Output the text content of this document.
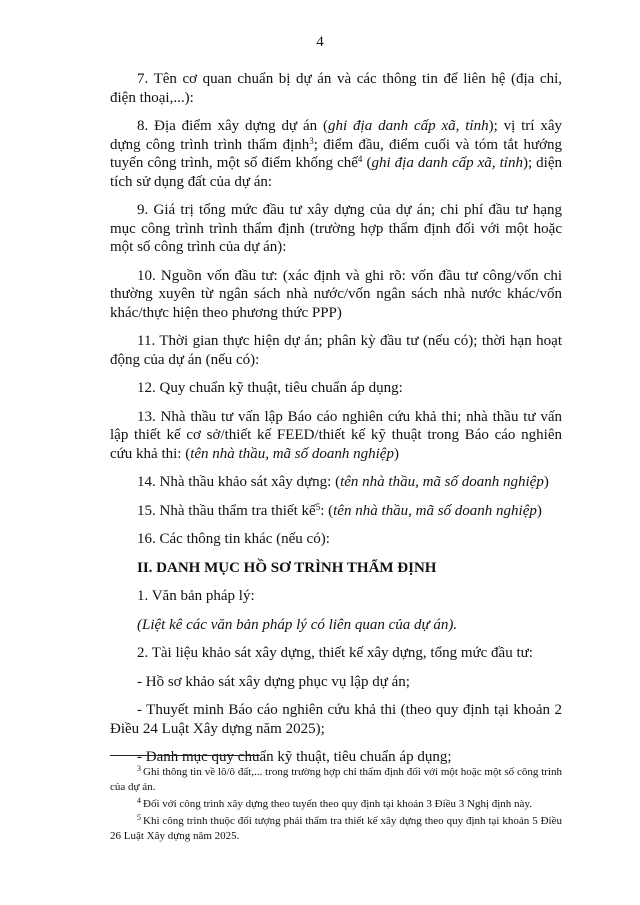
4

7. Tên cơ quan chuẩn bị dự án và các thông tin để liên hệ (địa chỉ, điện thoại,...):

8. Địa điểm xây dựng dự án (ghi địa danh cấp xã, tỉnh); vị trí xây dựng công trình trình thẩm định$^3$; điểm đầu, điểm cuối và tóm tắt hướng tuyến công trình, một số điểm khống chế$^4$ (ghi địa danh cấp xã, tỉnh); diện tích sử dụng đất của dự án:

9. Giá trị tổng mức đầu tư xây dựng của dự án; chi phí đầu tư hạng mục công trình trình thẩm định (trường hợp thẩm định đối với một hoặc một số công trình của dự án):

10. Nguồn vốn đầu tư: (xác định và ghi rõ: vốn đầu tư công/vốn chi thường xuyên từ ngân sách nhà nước/vốn ngân sách nhà nước khác/vốn khác/thực hiện theo phương thức PPP)

11. Thời gian thực hiện dự án; phân kỳ đầu tư (nếu có); thời hạn hoạt động của dự án (nếu có):

12. Quy chuẩn kỹ thuật, tiêu chuẩn áp dụng:

13. Nhà thầu tư vấn lập Báo cáo nghiên cứu khả thi; nhà thầu tư vấn lập thiết kế cơ sở/thiết kế FEED/thiết kế kỹ thuật trong Báo cáo nghiên cứu khả thi: (tên nhà thầu, mã số doanh nghiệp)

14. Nhà thầu khảo sát xây dựng: (tên nhà thầu, mã số doanh nghiệp)

15. Nhà thầu thẩm tra thiết kế$^5$: (tên nhà thầu, mã số doanh nghiệp)

16. Các thông tin khác (nếu có):

II. DANH MỤC HỒ SƠ TRÌNH THẨM ĐỊNH

1. Văn bản pháp lý:

(Liệt kê các văn bản pháp lý có liên quan của dự án).

2. Tài liệu khảo sát xây dựng, thiết kế xây dựng, tổng mức đầu tư:

- Hồ sơ khảo sát xây dựng phục vụ lập dự án;

- Thuyết minh Báo cáo nghiên cứu khả thi (theo quy định tại khoản 2 Điều 24 Luật Xây dựng năm 2025);

- Danh mục quy chuẩn kỹ thuật, tiêu chuẩn áp dụng;

$^3$ Ghi thông tin về lô/ô đất,... trong trường hợp chỉ thẩm định đối với một hoặc một số công trình của dự án.

$^4$ Đối với công trình xây dựng theo tuyến theo quy định tại khoản 3 Điều 3 Nghị định này.

$^5$ Khi công trình thuộc đối tượng phải thẩm tra thiết kế xây dựng theo quy định tại khoản 5 Điều 26 Luật Xây dựng năm 2025.
